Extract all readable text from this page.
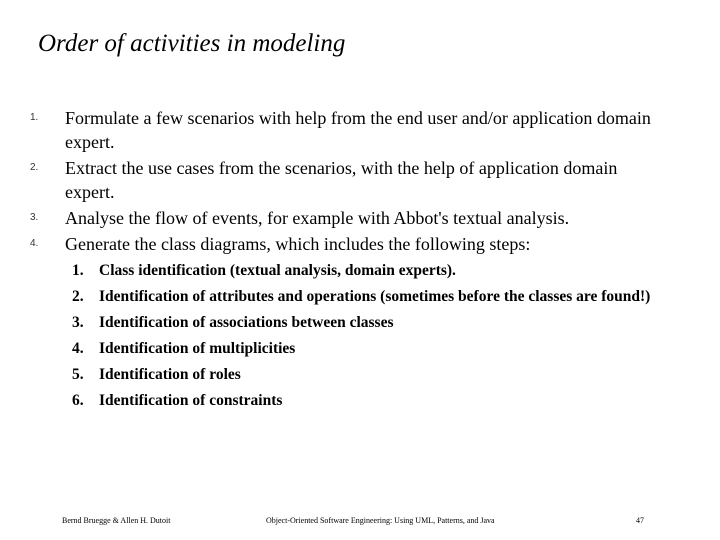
Order of activities in modeling
1. Formulate a few scenarios with help from the end user and/or application domain expert.
2. Extract the use cases from the scenarios, with the help of application domain expert.
3. Analyse the flow of events, for example with Abbot's textual analysis.
4. Generate the class diagrams, which includes the following steps:
1. Class identification (textual analysis, domain experts).
2. Identification of attributes and operations (sometimes before the classes are found!)
3. Identification of associations between classes
4. Identification of multiplicities
5. Identification of roles
6. Identification of constraints
Bernd Bruegge & Allen H. Dutoit	Object-Oriented Software Engineering: Using UML, Patterns, and Java	47
